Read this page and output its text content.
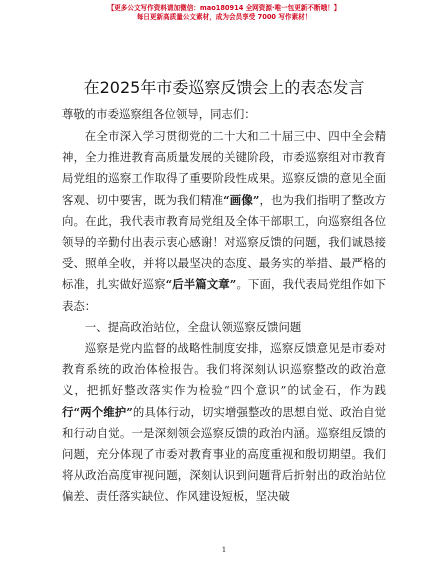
【更多公文写作资料请加微信：mao180914 全网资源·唯一包更新不断哦！】
每日更新高质量公文素材，成为会员享受 7000 写作素材！
在2025年市委巡察反馈会上的表态发言
尊敬的市委巡察组各位领导，同志们：

在全市深入学习贯彻党的二十大和二十届三中、四中全会精神，全力推进教育高质量发展的关键阶段，市委巡察组对市教育局党组的巡察工作取得了重要阶段性成果。巡察反馈的意见全面客观、切中要害，既为我们精准“画像”，也为我们指明了整改方向。在此，我代表市教育局党组及全体干部职工，向巡察组各位领导的辛勤付出表示衷心感谢！对巡察反馈的问题，我们诚恳接受、照单全收，并将以最坚决的态度、最务实的举措、最严格的标准，扎实做好巡察“后半篇文章”。下面，我代表局党组作如下表态：

一、提高政治站位，全盘认领巡察反馈问题

巡察是党内监督的战略性制度安排，巡察反馈意见是市委对教育系统的政治体检报告。我们将深刻认识巡察整改的政治意义，把抓好整改落实作为检验“四个意识”的试金石，作为践行“两个维护”的具体行动，切实增强整改的思想自觉、政治自觉和行动自觉。一是深刻领会巡察反馈的政治内涵。巡察组反馈的问题，充分体现了市委对教育事业的高度重视和殷切期望。我们将从政治高度审视问题，深刻认识到问题背后折射出的政治站位偏差、责任落实缺位、作风建设短板，坚决破

1
